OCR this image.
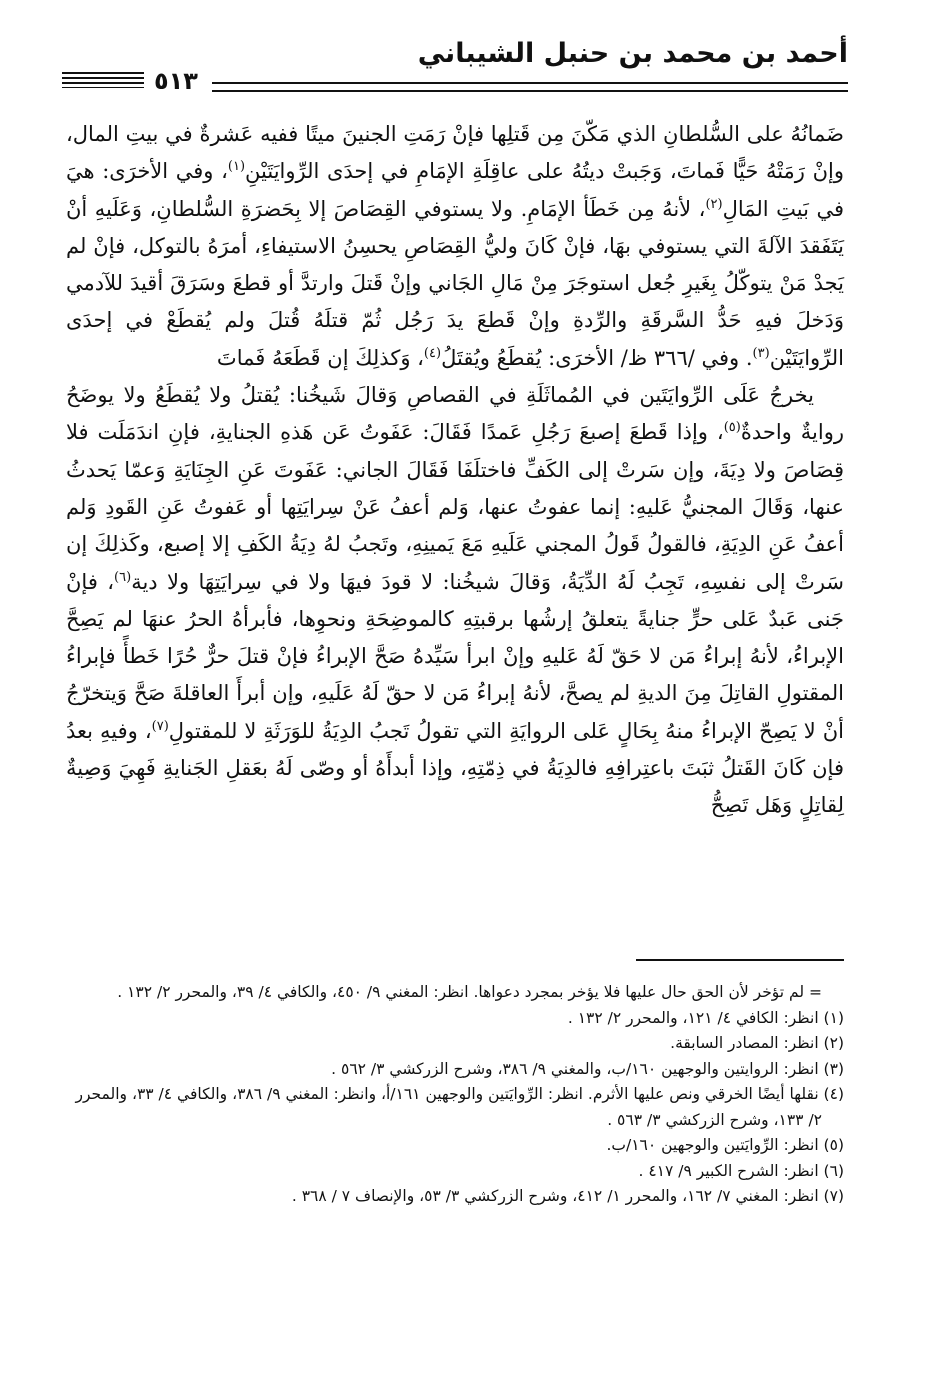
أحمد بن محمد بن حنبل الشيباني
٥١٣

ضَمانُهُ على السُّلطانِ الذي مَكّنَ مِن قَتلِها فإنْ رَمَتِ الجنينَ ميتًا ففيه عَشرةٌ في بيتِ المال، وإنْ رَمَتْهُ حَيًّا فَماتَ، وَجَبتْ ديتُهُ على عاقِلَةِ الإمَامِ في إحدَى الرِّوايَتَيْنِ$^{(١)}$، وفي الأخرَى: هيَ في بَيتِ المَالِ$^{(٢)}$، لأنهُ مِن خَطَأ الإمَامِ. ولا يستوفي القِصَاصَ إلا بِحَضرَةِ السُّلطانِ، وَعَلَيهِ أنْ يَتَفَقدَ الآلةَ التي يستوفي بهَا، فإنْ كَانَ وليُّ القِصَاصِ يحسِنُ الاستيفاءِ، أمرَهُ بالتوكل، فإنْ لم يَجدْ مَنْ يتوكّلُ بِغَيرِ جُعل استوجَرَ مِنْ مَالِ الجَاني وإنْ قَتلَ وارتدَّ أو قطعَ وسَرَقَ أقيدَ للآدمي وَدَخلَ فيهِ حَدُّ السَّرقَةِ والرِّدةِ وإنْ قَطعَ يدَ رَجُل ثُمّ قتلَهُ قُتلَ ولم يُقطَعْ في إحدَى الرِّوايَتَيْن$^{(٣)}$. وفي /٣٦٦ ظ/ الأخرَى: يُقطَعُ ويُقتَلُ$^{(٤)}$، وَكذلِكَ إن قَطَعَهُ فَماتَ

يخرجُ عَلَى الرِّوايَتَين في المُماثَلَةِ في القصاصِ وَقالَ شَيخُنا: يُقتلُ ولا يُقطَعُ ولا يوضَحُ روايةٌ واحدةٌ$^{(٥)}$، وإذا قَطعَ إصبعَ رَجُلِ عَمدًا فَقَالَ: عَفَوتُ عَن هَذهِ الجنايةِ، فإنِ اندَمَلَت فلا قِصَاصَ ولا دِيَةَ، وإن سَرتْ إلى الكَفِّ فاختلَفَا فَقَالَ الجاني: عَفَوتَ عَنِ الجِنَايَةِ وَعمّا يَحدثُ عنها، وَقَالَ المجنيُّ عَليهِ: إنما عفوتُ عنها، وَلم أعفُ عَنْ سِرايَتِها أو عَفوتُ عَنِ القَودِ وَلم أعفُ عَنِ الدِيَةِ، فالقولُ قَولُ المجني عَلَيهِ مَعَ يَمينِهِ، وتَجبُ لهُ دِيَةُ الكَفِ إلا إصبع، وكَذلِكَ إن سَرتْ إلى نفسِهِ، تَجِبُ لَهُ الدِّيَةُ، وَقالَ شيخُنا: لا قودَ فيهَا ولا في سِرايَتِهَا ولا دية$^{(٦)}$، فإنْ جَنى عَبدٌ عَلى حرٍّ جنايةً يتعلقُ إرشُها برقبتِهِ كالموضِحَةِ ونحوِها، فأبرأهُ الحرُ عنهَا لم يَصِحَّ الإبراءُ، لأنهُ إبراءُ مَن لا حَقّ لَهُ عَليهِ وإنْ ابرأ سَيِّدهُ صَحَّ الإبراءُ فإنْ قتلَ حرٌّ حُرًا خَطأً فإبراءُ المقتولِ القاتِلَ مِنَ الديةِ لم يصحَّ، لأنهُ إبراءُ مَن لا حقّ لَهُ عَلَيهِ، وإن أبرأَ العاقلةَ صَحَّ وَيتخرّجُ أنْ لا يَصِحّ الإبراءُ منهُ بِحَالٍ عَلى الروايَةِ التي تقولُ تَجبُ الدِيَةُ للوَرَثَةِ لا للمقتولِ$^{(٧)}$، وفيهِ بعدُ فإن كَانَ القَتلُ ثبَتَ باعتِرافِهِ فالدِيَةُ في ذِمّتِهِ، وإذا أبدأَهُ أو وصّى لَهُ بعَقلِ الجَنايةِ فَهِيَ وَصِيةٌ لِقاتِلٍ وَهَل تَصِحُّ

= لم تؤخر لأن الحق حال عليها فلا يؤخر بمجرد دعواها. انظر: المغني ٩/ ٤٥٠، والكافي ٤/ ٣٩، والمحرر ٢/ ١٣٢ .

(١) انظر: الكافي ٤/ ١٢١، والمحرر ٢/ ١٣٢ .

(٢) انظر: المصادر السابقة.

(٣) انظر: الروايتين والوجهين ١٦٠/ب، والمغني ٩/ ٣٨٦، وشرح الزركشي ٣/ ٥٦٢ .

(٤) نقلها أيضًا الخرقي ونص عليها الأثرم. انظر: الرِّوايَتين والوجهين ١٦١/أ، وانظر: المغني ٩/ ٣٨٦، والكافي ٤/ ٣٣، والمحرر ٢/ ١٣٣، وشرح الزركشي ٣/ ٥٦٣ .

(٥) انظر: الرِّوايَتين والوجهين ١٦٠/ب.

(٦) انظر: الشرح الكبير ٩/ ٤١٧ .

(٧) انظر: المغني ٧/ ١٦٢، والمحرر ١/ ٤١٢، وشرح الزركشي ٣/ ٥٣، والإنصاف ٧ / ٣٦٨ .
